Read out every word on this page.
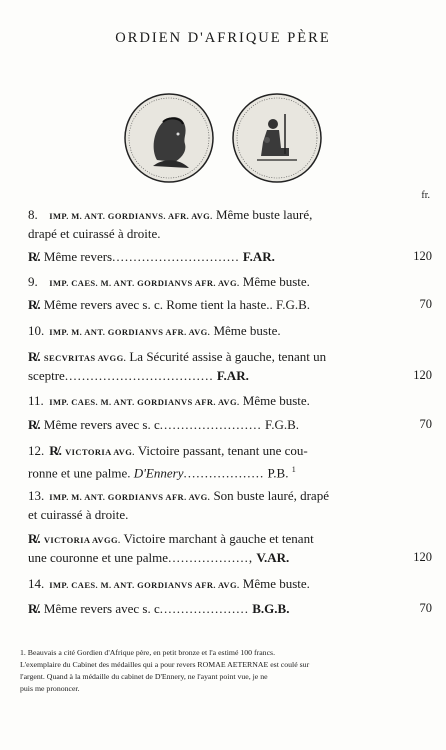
ORDIEN D'AFRIQUE PÈRE
fr.
8. IMP. M. ANT. GORDIANVS. AFR. AVG. Même buste lauré,
drapé et cuirassé à droite.
R̸. Même revers.............................. F.AR.	120
9. IMP. CAES. M. ANT. GORDIANVS AFR. AVG. Même buste.
R̸. Même revers avec s. c. Rome tient la haste.. F.G.B.	70
10. IMP. M. ANT. GORDIANVS AFR. AVG. Même buste.
R̸. SECVRITAS AVGG. La Sécurité assise à gauche, tenant un
sceptre................................... F.AR.	120
11. IMP. CAES. M. ANT. GORDIANVS AFR. AVG. Même buste.
R̸. Même revers avec s. c........................ F.G.B.	70
12. R̸. VICTORIA AVG. Victoire passant, tenant une cou-
ronne et une palme. D'Ennery................... P.B. $^1$
13. IMP. M. ANT. GORDIANVS AFR. AVG. Son buste lauré, drapé
et cuirassé à droite.
R̸. VICTORIA AVGG. Victoire marchant à gauche et tenant
une couronne et une palme..................., V.AR.	120
14. IMP. CAES. M. ANT. GORDIANVS AFR. AVG. Même buste.
R̸. Même revers avec s. c..................... B.G.B.	70
1. Beauvais a cité Gordien d'Afrique père, en petit bronze et l'a estimé 100 francs.
L'exemplaire du Cabinet des médailles qui a pour revers ROMAE AETERNAE est coulé sur
l'argent. Quand à la médaille du cabinet de D'Ennery, ne l'ayant point vue, je ne
puis me prononcer.
